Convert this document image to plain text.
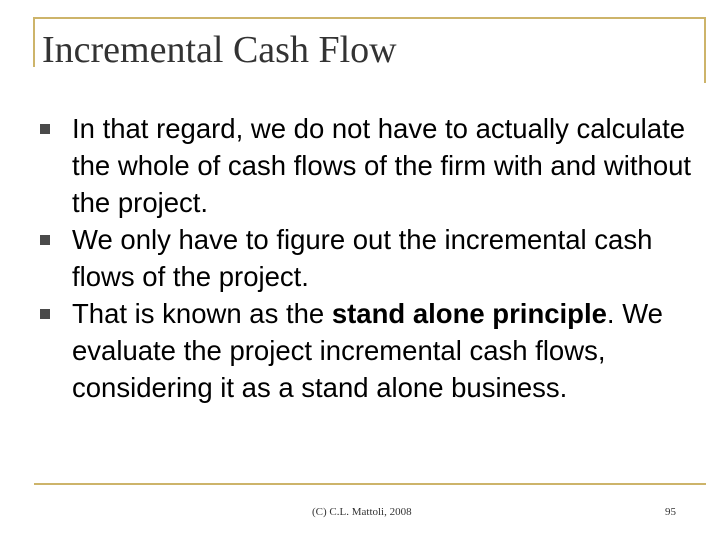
Incremental Cash Flow
In that regard, we do not have to actually calculate the whole of cash flows of the firm with and without the project.
We only have to figure out the incremental cash flows of the project.
That is known as the stand alone principle. We evaluate the project incremental cash flows, considering it as a stand alone business.
(C) C.L. Mattoli, 2008	95
